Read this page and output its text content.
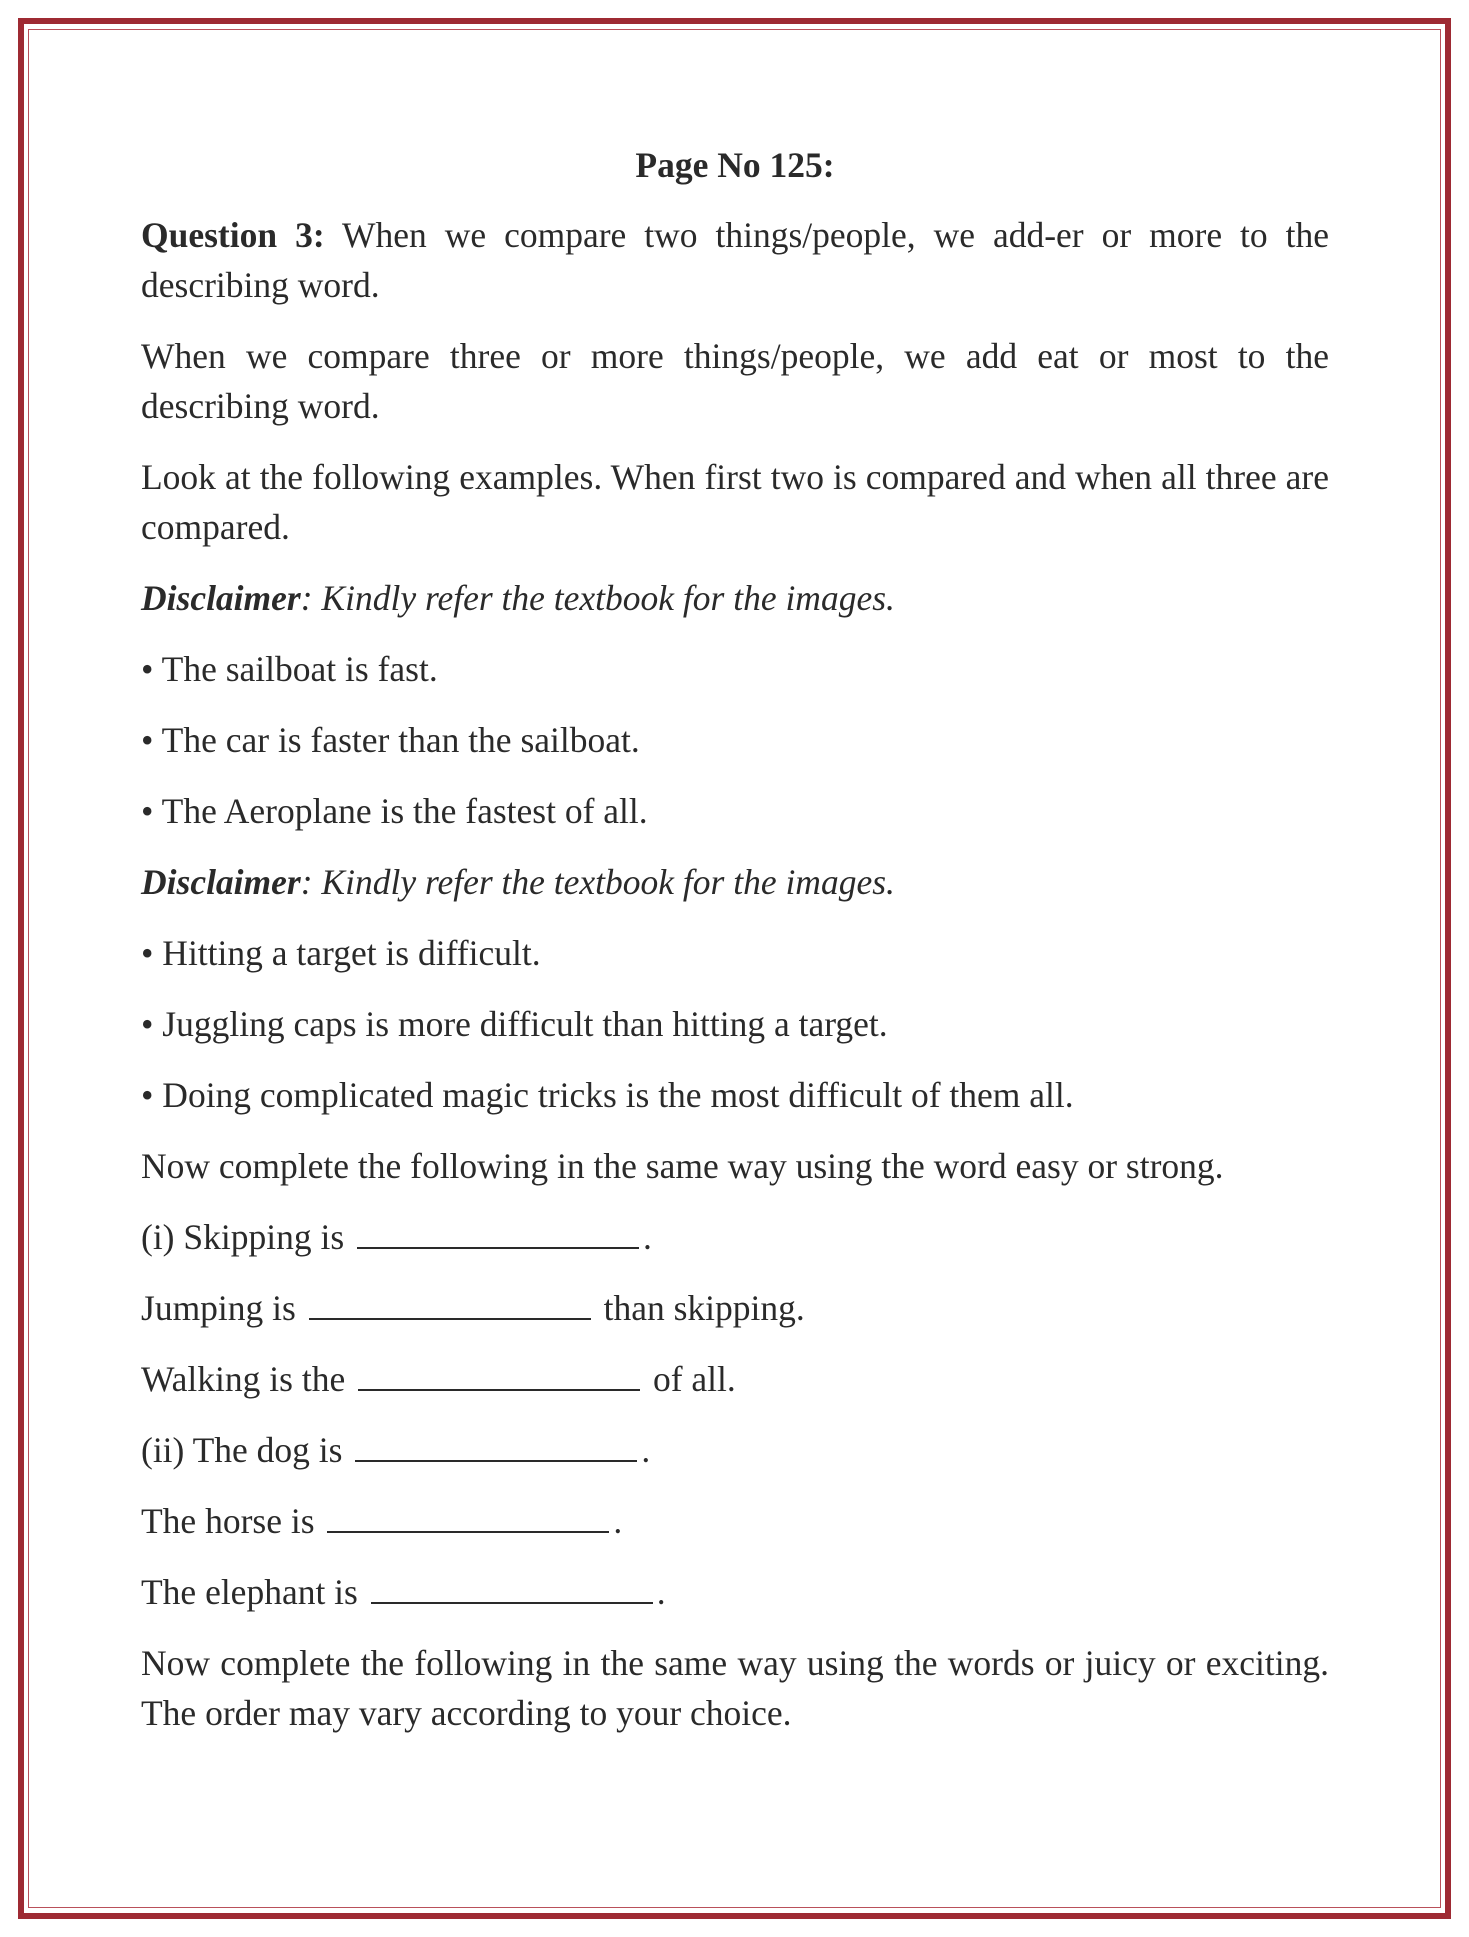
Page No 125:

Question 3: When we compare two things/people, we add-er or more to the describing word.

When we compare three or more things/people, we add eat or most to the describing word.

Look at the following examples. When first two is compared and when all three are compared.

Disclaimer: Kindly refer the textbook for the images.

• The sailboat is fast.

• The car is faster than the sailboat.

• The Aeroplane is the fastest of all.

Disclaimer: Kindly refer the textbook for the images.

• Hitting a target is difficult.

• Juggling caps is more difficult than hitting a target.

• Doing complicated magic tricks is the most difficult of them all.

Now complete the following in the same way using the word easy or strong.

(i) Skipping is	.

Jumping is	than skipping.

Walking is the	of all.

(ii) The dog is	.

The horse is	.

The elephant is	.

Now complete the following in the same way using the words or juicy or exciting. The order may vary according to your choice.
